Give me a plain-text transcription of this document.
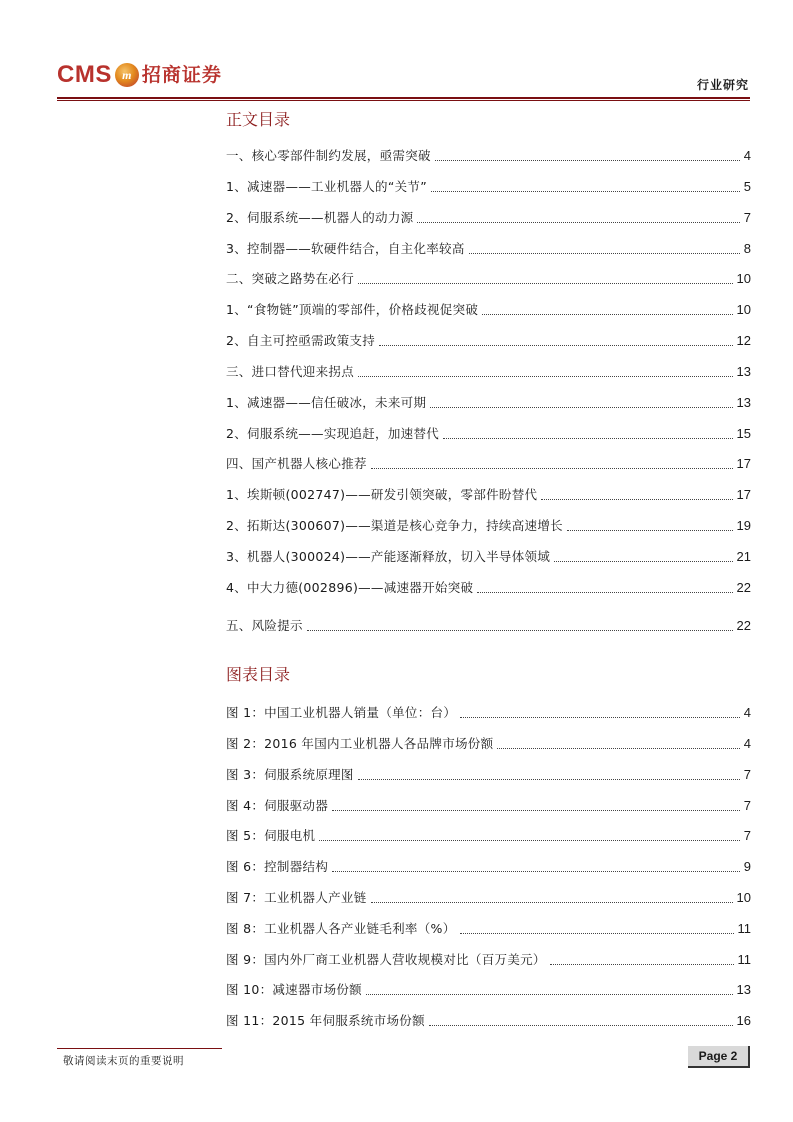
CMS m 招商证券	行业研究
正文目录
一、核心零部件制约发展，亟需突破	4
1、减速器——工业机器人的“关节”	5
2、伺服系统——机器人的动力源	7
3、控制器——软硬件结合，自主化率较高	8
二、突破之路势在必行	10
1、“食物链”顶端的零部件，价格歧视促突破	10
2、自主可控亟需政策支持	12
三、进口替代迎来拐点	13
1、减速器——信任破冰，未来可期	13
2、伺服系统——实现追赶，加速替代	15
四、国产机器人核心推荐	17
1、埃斯顿(002747)——研发引领突破，零部件盼替代	17
2、拓斯达(300607)——渠道是核心竞争力，持续高速增长	19
3、机器人(300024)——产能逐渐释放，切入半导体领域	21
4、中大力德(002896)——减速器开始突破	22
五、风险提示	22
图表目录
图 1：中国工业机器人销量（单位：台）	4
图 2：2016 年国内工业机器人各品牌市场份额	4
图 3：伺服系统原理图	7
图 4：伺服驱动器	7
图 5：伺服电机	7
图 6：控制器结构	9
图 7：工业机器人产业链	10
图 8：工业机器人各产业链毛利率（%）	11
图 9：国内外厂商工业机器人营收规模对比（百万美元）	11
图 10：减速器市场份额	13
图 11：2015 年伺服系统市场份额	16
敬请阅读末页的重要说明	Page 2
